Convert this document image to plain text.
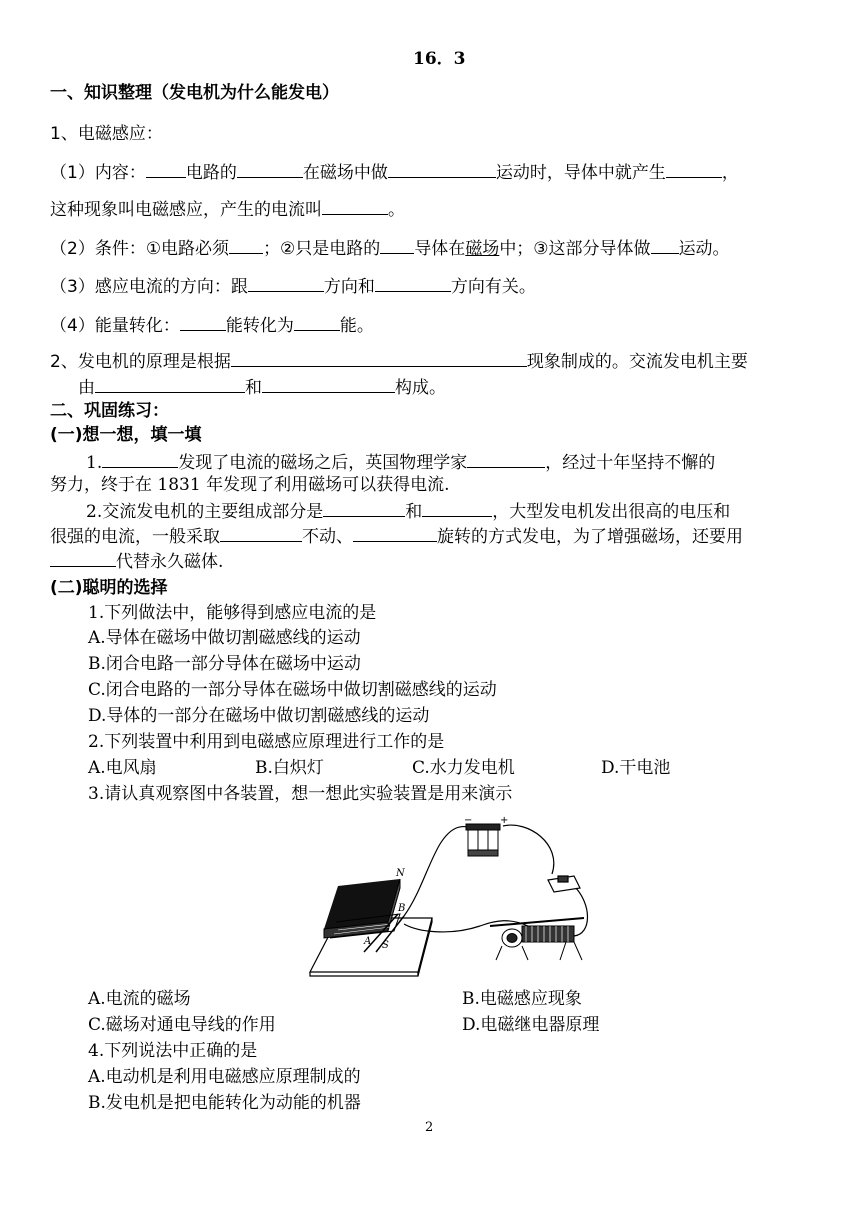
16．3
一、知识整理（发电机为什么能发电）
1、电磁感应：
（1）内容： 电路的	在磁场中做	运动时，导体中就产生	，
这种现象叫电磁感应，产生的电流叫	。
（2）条件：①电路必须 ；②只是电路的 导体在磁场中；③这部分导体做 运动。
（3）感应电流的方向：跟	方向和	方向有关。
（4）能量转化：	能转化为	能。
2、发电机的原理是根据	现象制成的。交流发电机主要
由	和	构成。
二、巩固练习：
(一)想一想，填一填
1.	发现了电流的磁场之后，英国物理学家	，经过十年坚持不懈的
努力，终于在 1831 年发现了利用磁场可以获得电流.
2.交流发电机的主要组成部分是	和	，大型发电机发出很高的电压和
很强的电流，一般采取	不动、	旋转的方式发电，为了增强磁场，还要用
代替永久磁体.
(二)聪明的选择
1.下列做法中，能够得到感应电流的是
A.导体在磁场中做切割磁感线的运动
B.闭合电路一部分导体在磁场中运动
C.闭合电路的一部分导体在磁场中做切割磁感线的运动
D.导体的一部分在磁场中做切割磁感线的运动
2.下列装置中利用到电磁感应原理进行工作的是
A.电风扇	B.白炽灯	C.水力发电机	D.干电池
3.请认真观察图中各装置，想一想此实验装置是用来演示
N
B
A S
−	+
A.电流的磁场	B.电磁感应现象
C.磁场对通电导线的作用	D.电磁继电器原理
4.下列说法中正确的是
A.电动机是利用电磁感应原理制成的
B.发电机是把电能转化为动能的机器
2
